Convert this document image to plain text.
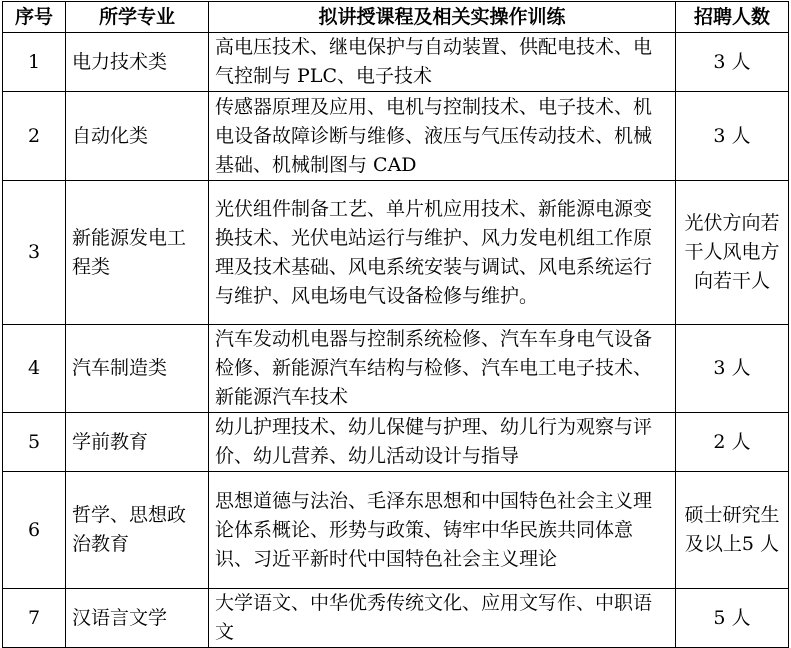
序号	所学专业	拟讲授课程及相关实操作训练	招聘人数
1	电力技术类	高电压技术、继电保护与自动装置、供配电技术、电气控制与 PLC、电子技术	3 人
2	自动化类	传感器原理及应用、电机与控制技术、电子技术、机电设备故障诊断与维修、液压与气压传动技术、机械基础、机械制图与 CAD	3 人
3	新能源发电工程类	光伏组件制备工艺、单片机应用技术、新能源电源变换技术、光伏电站运行与维护、风力发电机组工作原理及技术基础、风电系统安装与调试、风电系统运行与维护、风电场电气设备检修与维护。	光伏方向若干人风电方向若干人
4	汽车制造类	汽车发动机电器与控制系统检修、汽车车身电气设备检修、新能源汽车结构与检修、汽车电工电子技术、新能源汽车技术	3 人
5	学前教育	幼儿护理技术、幼儿保健与护理、幼儿行为观察与评价、幼儿营养、幼儿活动设计与指导	2 人
6	哲学、思想政治教育	思想道德与法治、毛泽东思想和中国特色社会主义理论体系概论、形势与政策、铸牢中华民族共同体意识、习近平新时代中国特色社会主义理论	硕士研究生及以上5 人
7	汉语言文学	大学语文、中华优秀传统文化、应用文写作、中职语文	5 人
